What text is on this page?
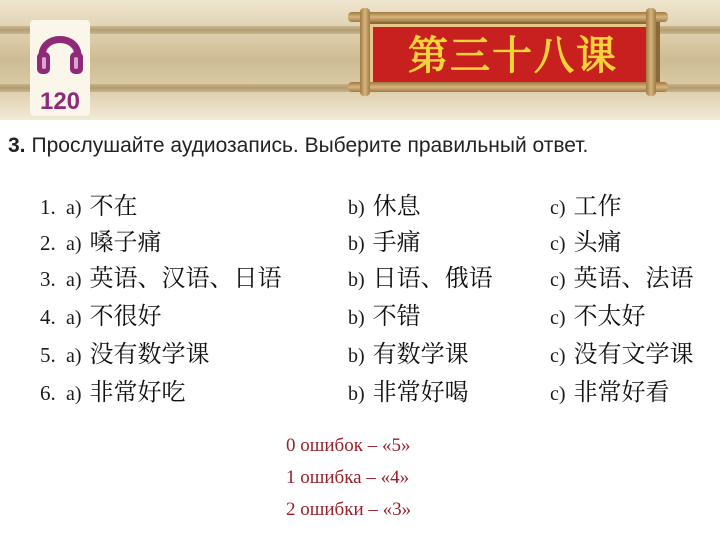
120
第三十八课
3. Прослушайте аудиозапись. Выберите правильный ответ.
1. a) 不在	b) 休息	c) 工作
2. a) 嗓子痛	b) 手痛	c) 头痛
3. a) 英语、汉语、日语	b) 日语、俄语	c) 英语、法语
4. a) 不很好	b) 不错	c) 不太好
5. a) 没有数学课	b) 有数学课	c) 没有文学课
6. a) 非常好吃	b) 非常好喝	c) 非常好看
0 ошибок – «5»
1 ошибка – «4»
2 ошибки – «3»
